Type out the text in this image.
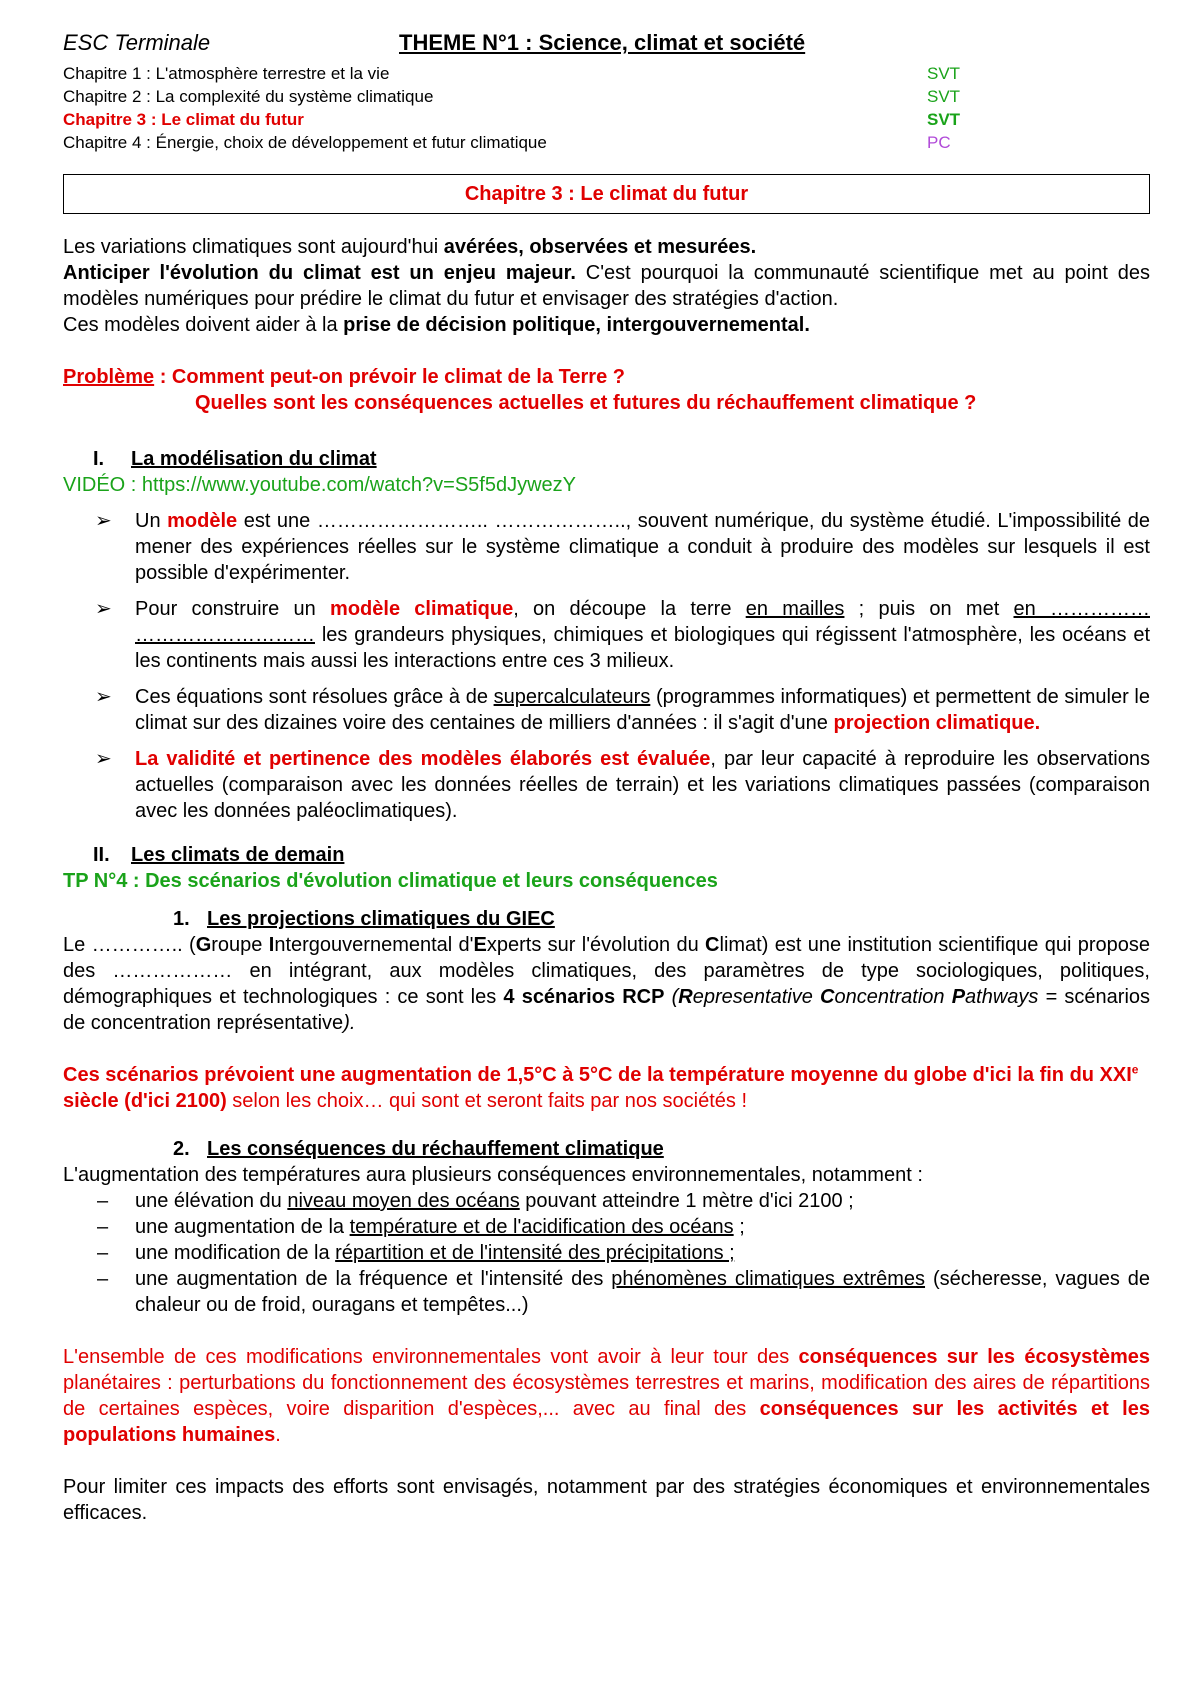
ESC Terminale	THEME N°1 : Science, climat et société
Chapitre 1 : L'atmosphère terrestre et la vie	SVT
Chapitre 2 : La complexité du système climatique	SVT
Chapitre 3 : Le climat du futur	SVT
Chapitre 4 : Énergie, choix de développement et futur climatique	PC
Chapitre 3 : Le climat du futur

Les variations climatiques sont aujourd'hui avérées, observées et mesurées.

Anticiper l'évolution du climat est un enjeu majeur. C'est pourquoi la communauté scientifique met au point des modèles numériques pour prédire le climat du futur et envisager des stratégies d'action.

Ces modèles doivent aider à la prise de décision politique, intergouvernemental.

Problème : Comment peut-on prévoir le climat de la Terre ?

Quelles sont les conséquences actuelles et futures du réchauffement climatique ?

I. La modélisation du climat

VIDÉO : https://www.youtube.com/watch?v=S5f5dJywezY

➢ Un modèle est une …………………….. ……………….., souvent numérique, du système étudié. L'impossibilité de mener des expériences réelles sur le système climatique a conduit à produire des modèles sur lesquels il est possible d'expérimenter.
➢ Pour construire un modèle climatique, on découpe la terre en mailles ; puis on met en …………… ……………………… les grandeurs physiques, chimiques et biologiques qui régissent l'atmosphère, les océans et les continents mais aussi les interactions entre ces 3 milieux.
➢ Ces équations sont résolues grâce à de supercalculateurs (programmes informatiques) et permettent de simuler le climat sur des dizaines voire des centaines de milliers d'années : il s'agit d'une projection climatique.
➢ La validité et pertinence des modèles élaborés est évaluée, par leur capacité à reproduire les observations actuelles (comparaison avec les données réelles de terrain) et les variations climatiques passées (comparaison avec les données paléoclimatiques).
II. Les climats de demain

TP N°4 : Des scénarios d'évolution climatique et leurs conséquences

1. Les projections climatiques du GIEC

Le ………….. (Groupe Intergouvernemental d'Experts sur l'évolution du Climat) est une institution scientifique qui propose des ……………… en intégrant, aux modèles climatiques, des paramètres de type sociologiques, politiques, démographiques et technologiques : ce sont les 4 scénarios RCP (Representative Concentration Pathways = scénarios de concentration représentative).

Ces scénarios prévoient une augmentation de 1,5°C à 5°C de la température moyenne du globe d'ici la fin du XXIe siècle (d'ici 2100) selon les choix… qui sont et seront faits par nos sociétés !

2. Les conséquences du réchauffement climatique

L'augmentation des températures aura plusieurs conséquences environnementales, notamment :

– une élévation du niveau moyen des océans pouvant atteindre 1 mètre d'ici 2100 ;
– une augmentation de la température et de l'acidification des océans ;
– une modification de la répartition et de l'intensité des précipitations ;
– une augmentation de la fréquence et l'intensité des phénomènes climatiques extrêmes (sécheresse, vagues de chaleur ou de froid, ouragans et tempêtes...)

L'ensemble de ces modifications environnementales vont avoir à leur tour des conséquences sur les écosystèmes planétaires : perturbations du fonctionnement des écosystèmes terrestres et marins, modification des aires de répartitions de certaines espèces, voire disparition d'espèces,... avec au final des conséquences sur les activités et les populations humaines.

Pour limiter ces impacts des efforts sont envisagés, notamment par des stratégies économiques et environnementales efficaces.
